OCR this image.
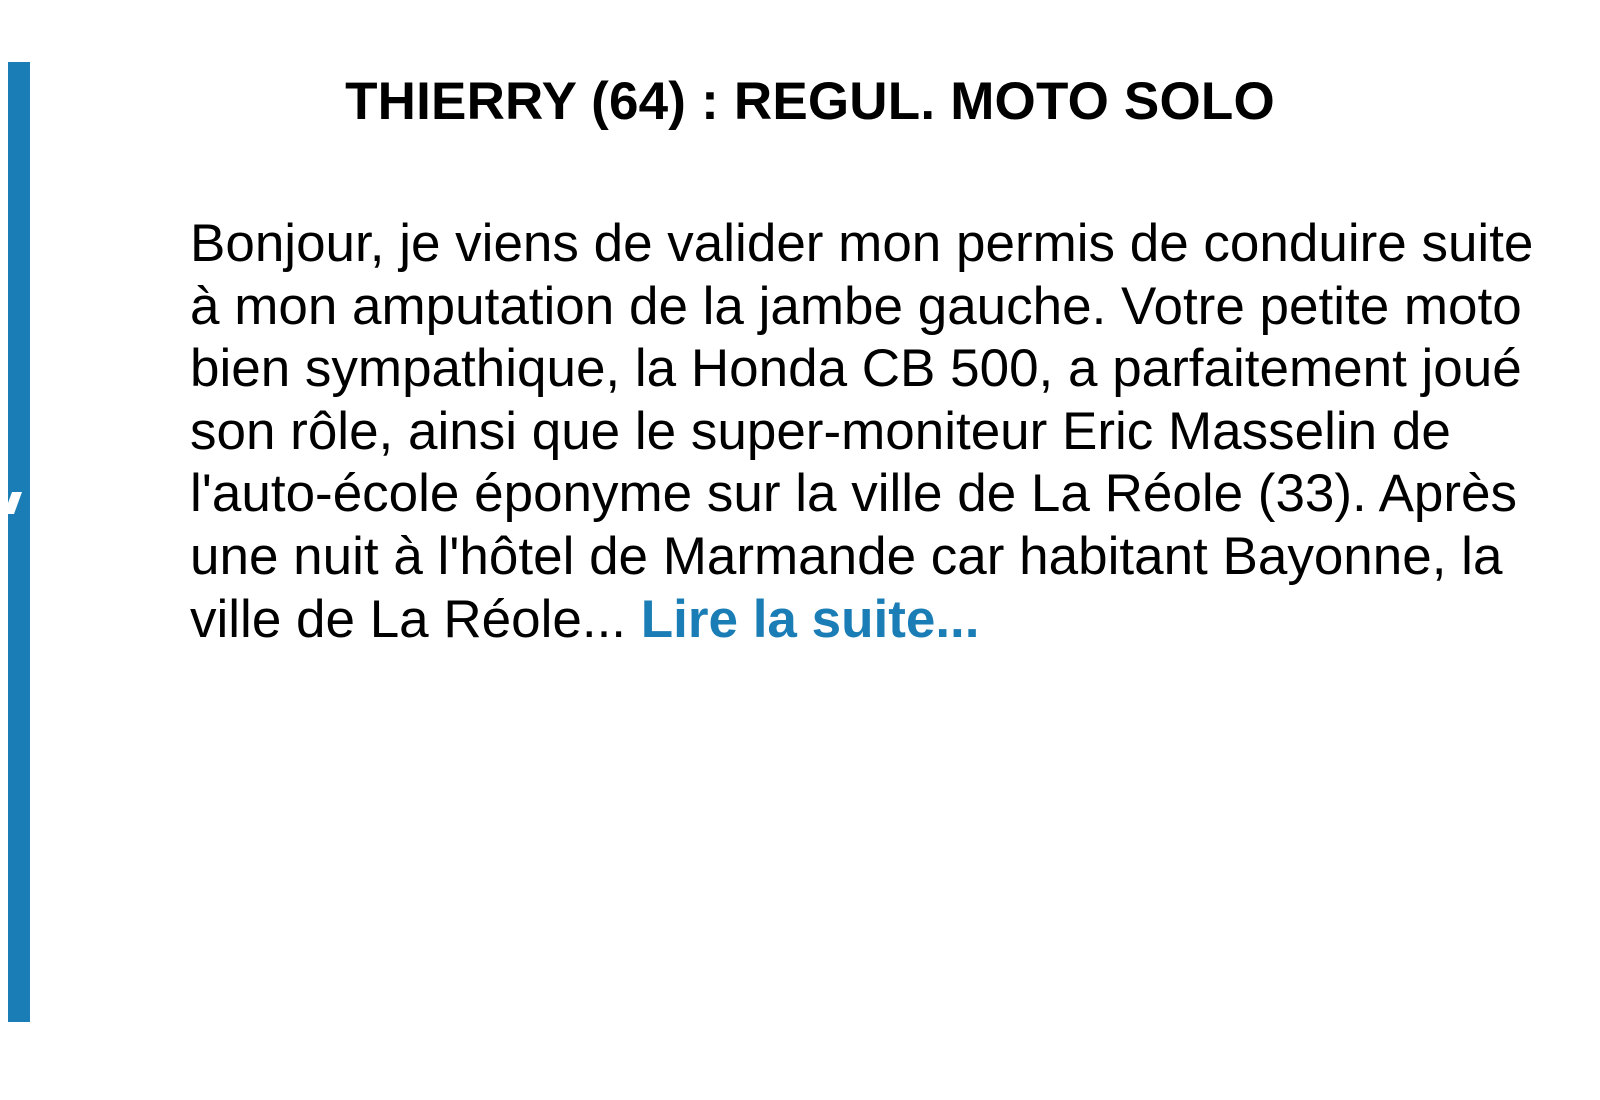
THIERRY (64) : REGUL. MOTO SOLO

Bonjour, je viens de valider mon permis de conduire suite à mon amputation de la jambe gauche. Votre petite moto bien sympathique, la Honda CB 500, a parfaitement joué son rôle, ainsi que le super-moniteur Eric Masselin de l'auto-école éponyme sur la ville de La Réole (33). Après une nuit à l'hôtel de Marmande car habitant Bayonne, la ville de La Réole... Lire la suite...
